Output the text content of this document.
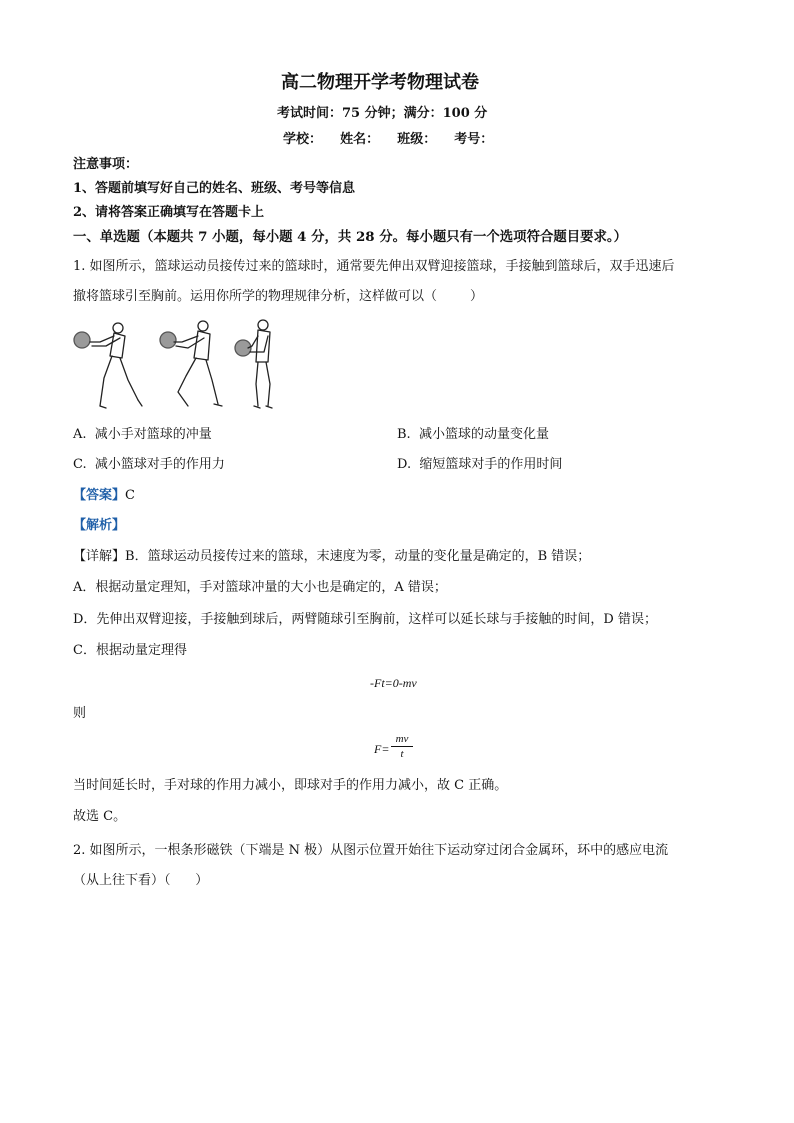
高二物理开学考物理试卷
考试时间：75 分钟；满分：100 分
学校：    姓名：    班级：    考号：
注意事项：
1、答题前填写好自己的姓名、班级、考号等信息
2、请将答案正确填写在答题卡上
一、单选题（本题共 7 小题，每小题 4 分，共 28 分。每小题只有一个选项符合题目要求。）
1. 如图所示，篮球运动员接传过来的篮球时，通常要先伸出双臂迎接篮球，手接触到篮球后，双手迅速后
撤将篮球引至胸前。运用你所学的物理规律分析，这样做可以（        ）
A.  减小手对篮球的冲量	B.  减小篮球的动量变化量
C.  减小篮球对手的作用力	D.  缩短篮球对手的作用时间
【答案】C
【解析】
【详解】B．篮球运动员接传过来的篮球，末速度为零，动量的变化量是确定的，B 错误；
A．根据动量定理知，手对篮球冲量的大小也是确定的，A 错误；
D．先伸出双臂迎接，手接触到球后，两臂随球引至胸前，这样可以延长球与手接触的时间，D 错误；
C．根据动量定理得
-Ft=0-mv
则
F=
mv
t
当时间延长时，手对球的作用力减小，即球对手的作用力减小，故 C 正确。
故选 C。
2. 如图所示，一根条形磁铁（下端是 N 极）从图示位置开始往下运动穿过闭合金属环，环中的感应电流
（从上往下看）（      ）
